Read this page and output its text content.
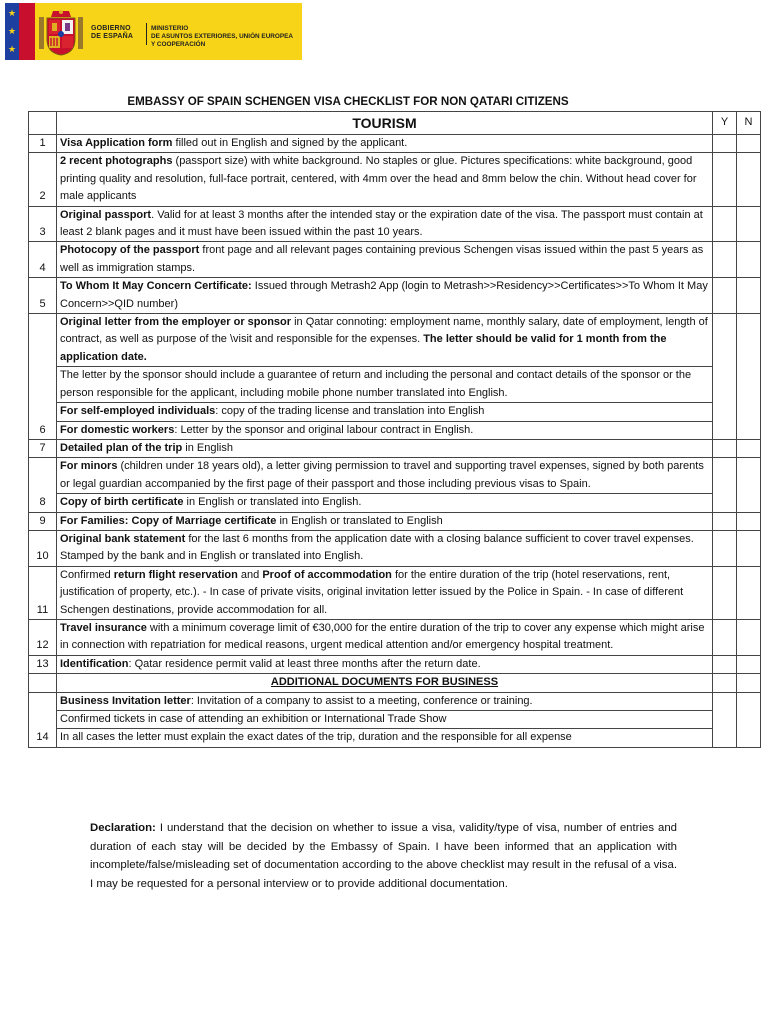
★
★
★
GOBIERNO
DE ESPAÑA
MINISTERIO
DE ASUNTOS EXTERIORES, UNIÓN EUROPEA
Y COOPERACIÓN
EMBASSY OF SPAIN SCHENGEN VISA CHECKLIST FOR NON QATARI CITIZENS

	TOURISM	Y	N
1	Visa Application form filled out in English and signed by the applicant.		
2	2 recent photographs (passport size) with white background. No staples or glue. Pictures specifications: white background, good printing quality and resolution, full-face portrait, centered, with 4mm over the head and 8mm below the chin. Without head cover for male applicants		
3	Original passport. Valid for at least 3 months after the intended stay or the expiration date of the visa. The passport must contain at least 2 blank pages and it must have been issued within the past 10 years.		
4	Photocopy of the passport front page and all relevant pages containing previous Schengen visas issued within the past 5 years as well as immigration stamps.		
5	To Whom It May Concern Certificate: Issued through Metrash2 App (login to Metrash>>Residency>>Certificates>>To Whom It May Concern>>QID number)		
6	Original letter from the employer or sponsor in Qatar connoting: employment name, monthly salary, date of employment, length of contract, as well as purpose of the \visit and responsible for the expenses. The letter should be valid for 1 month from the application date.		
	The letter by the sponsor should include a guarantee of return and including the personal and contact details of the sponsor or the person responsible for the applicant, including mobile phone number translated into English.		
	For self-employed individuals: copy of the trading license and translation into English		
	For domestic workers: Letter by the sponsor and original labour contract in English.		
7	Detailed plan of the trip in English		
8	For minors (children under 18 years old), a letter giving permission to travel and supporting travel expenses, signed by both parents or legal guardian accompanied by the first page of their passport and those including previous visas to Spain.		
	Copy of birth certificate in English or translated into English.		
9	For Families: Copy of Marriage certificate in English or translated to English		
10	Original bank statement for the last 6 months from the application date with a closing balance sufficient to cover travel expenses. Stamped by the bank and in English or translated into English.		
11	Confirmed return flight reservation and Proof of accommodation for the entire duration of the trip (hotel reservations, rent, justification of property, etc.). - In case of private visits, original invitation letter issued by the Police in Spain. - In case of different Schengen destinations, provide accommodation for all.		
12	Travel insurance with a minimum coverage limit of €30,000 for the entire duration of the trip to cover any expense which might arise in connection with repatriation for medical reasons, urgent medical attention and/or emergency hospital treatment.		
13	Identification: Qatar residence permit valid at least three months after the return date.		
	ADDITIONAL DOCUMENTS FOR BUSINESS		
14	Business Invitation letter: Invitation of a company to assist to a meeting, conference or training.		
	Confirmed tickets in case of attending an exhibition or International Trade Show		
	In all cases the letter must explain the exact dates of the trip, duration and the responsible for all expense		
Declaration: I understand that the decision on whether to issue a visa, validity/type of visa, number of entries and duration of each stay will be decided by the Embassy of Spain. I have been informed that an application with incomplete/false/misleading set of documentation according to the above checklist may result in the refusal of a visa. I may be requested for a personal interview or to provide additional documentation.
